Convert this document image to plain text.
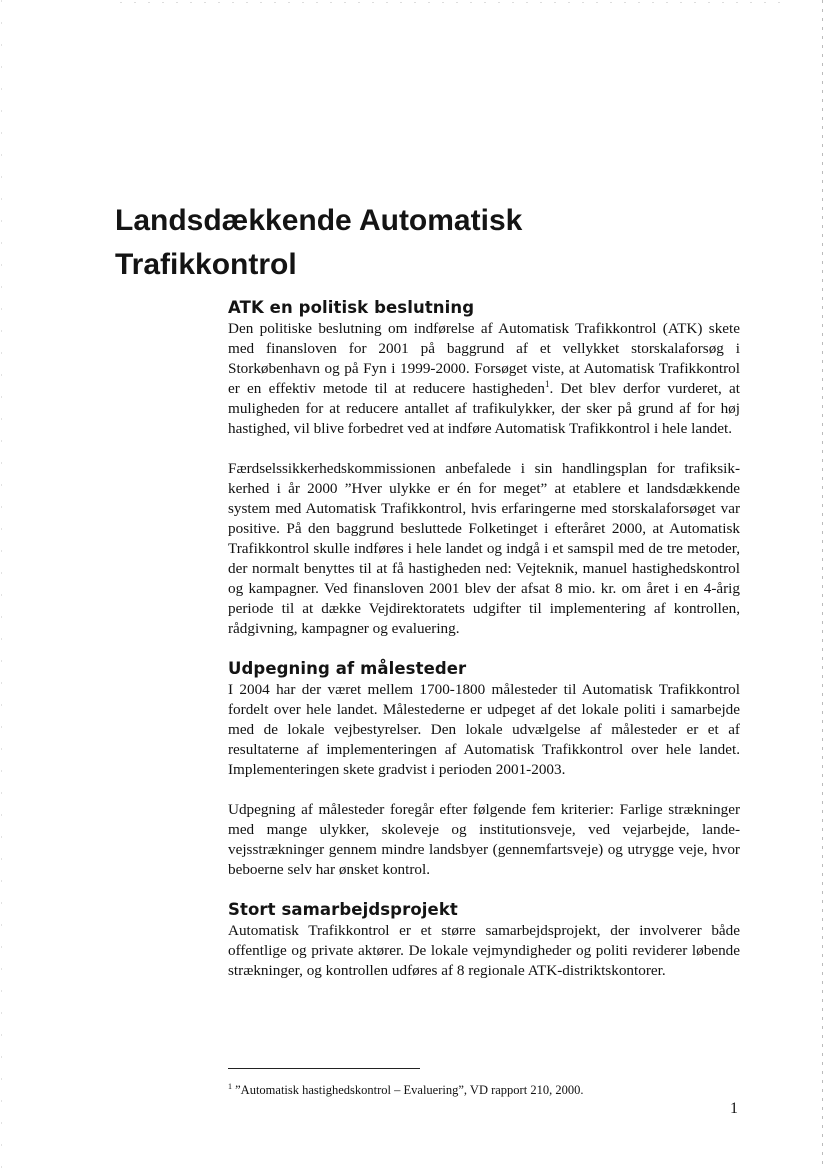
Landsdækkende Automatisk Trafikkontrol
ATK en politisk beslutning

Den politiske beslutning om indførelse af Automatisk Trafikkontrol (ATK) skete med finansloven for 2001 på baggrund af et vellykket storskalaforsøg i Storkøbenhavn og på Fyn i 1999-2000. Forsøget viste, at Automatisk Trafikkontrol er en effektiv metode til at reducere hastigheden$^1$. Det blev derfor vurderet, at muligheden for at reducere antallet af trafikulykker, der sker på grund af for høj hastighed, vil blive forbedret ved at indføre Automatisk Trafikkontrol i hele landet.

Færdselssikkerhedskommissionen anbefalede i sin handlingsplan for trafiksikkerhed i år 2000 ”Hver ulykke er én for meget” at etablere et landsdækkende system med Automatisk Trafikkontrol, hvis erfaringerne med storskalaforsøget var positive. På den baggrund besluttede Folketinget i efteråret 2000, at Automatisk Trafikkontrol skulle indføres i hele landet og indgå i et samspil med de tre metoder, der normalt benyttes til at få hastigheden ned: Vejteknik, manuel hastighedskontrol og kampagner. Ved finansloven 2001 blev der afsat 8 mio. kr. om året i en 4-årig periode til at dække Vejdirektoratets udgifter til implementering af kontrollen, rådgivning, kampagner og evaluering.

Udpegning af målesteder

I 2004 har der været mellem 1700-1800 målesteder til Automatisk Trafikkontrol fordelt over hele landet. Målestederne er udpeget af det lokale politi i samarbejde med de lokale vejbestyrelser. Den lokale udvælgelse af målesteder er et af resultaterne af implementeringen af Automatisk Trafikkontrol over hele landet. Implementeringen skete gradvist i perioden 2001-2003.

Udpegning af målesteder foregår efter følgende fem kriterier: Farlige strækninger med mange ulykker, skoleveje og institutionsveje, ved vejarbejde, landevejsstrækninger gennem mindre landsbyer (gennemfartsveje) og utrygge veje, hvor beboerne selv har ønsket kontrol.

Stort samarbejdsprojekt

Automatisk Trafikkontrol er et større samarbejdsprojekt, der involverer både offentlige og private aktører. De lokale vejmyndigheder og politi reviderer løbende strækninger, og kontrollen udføres af 8 regionale ATK-distriktskontorer.

$^1$ ”Automatisk hastighedskontrol – Evaluering”, VD rapport 210, 2000.

1
